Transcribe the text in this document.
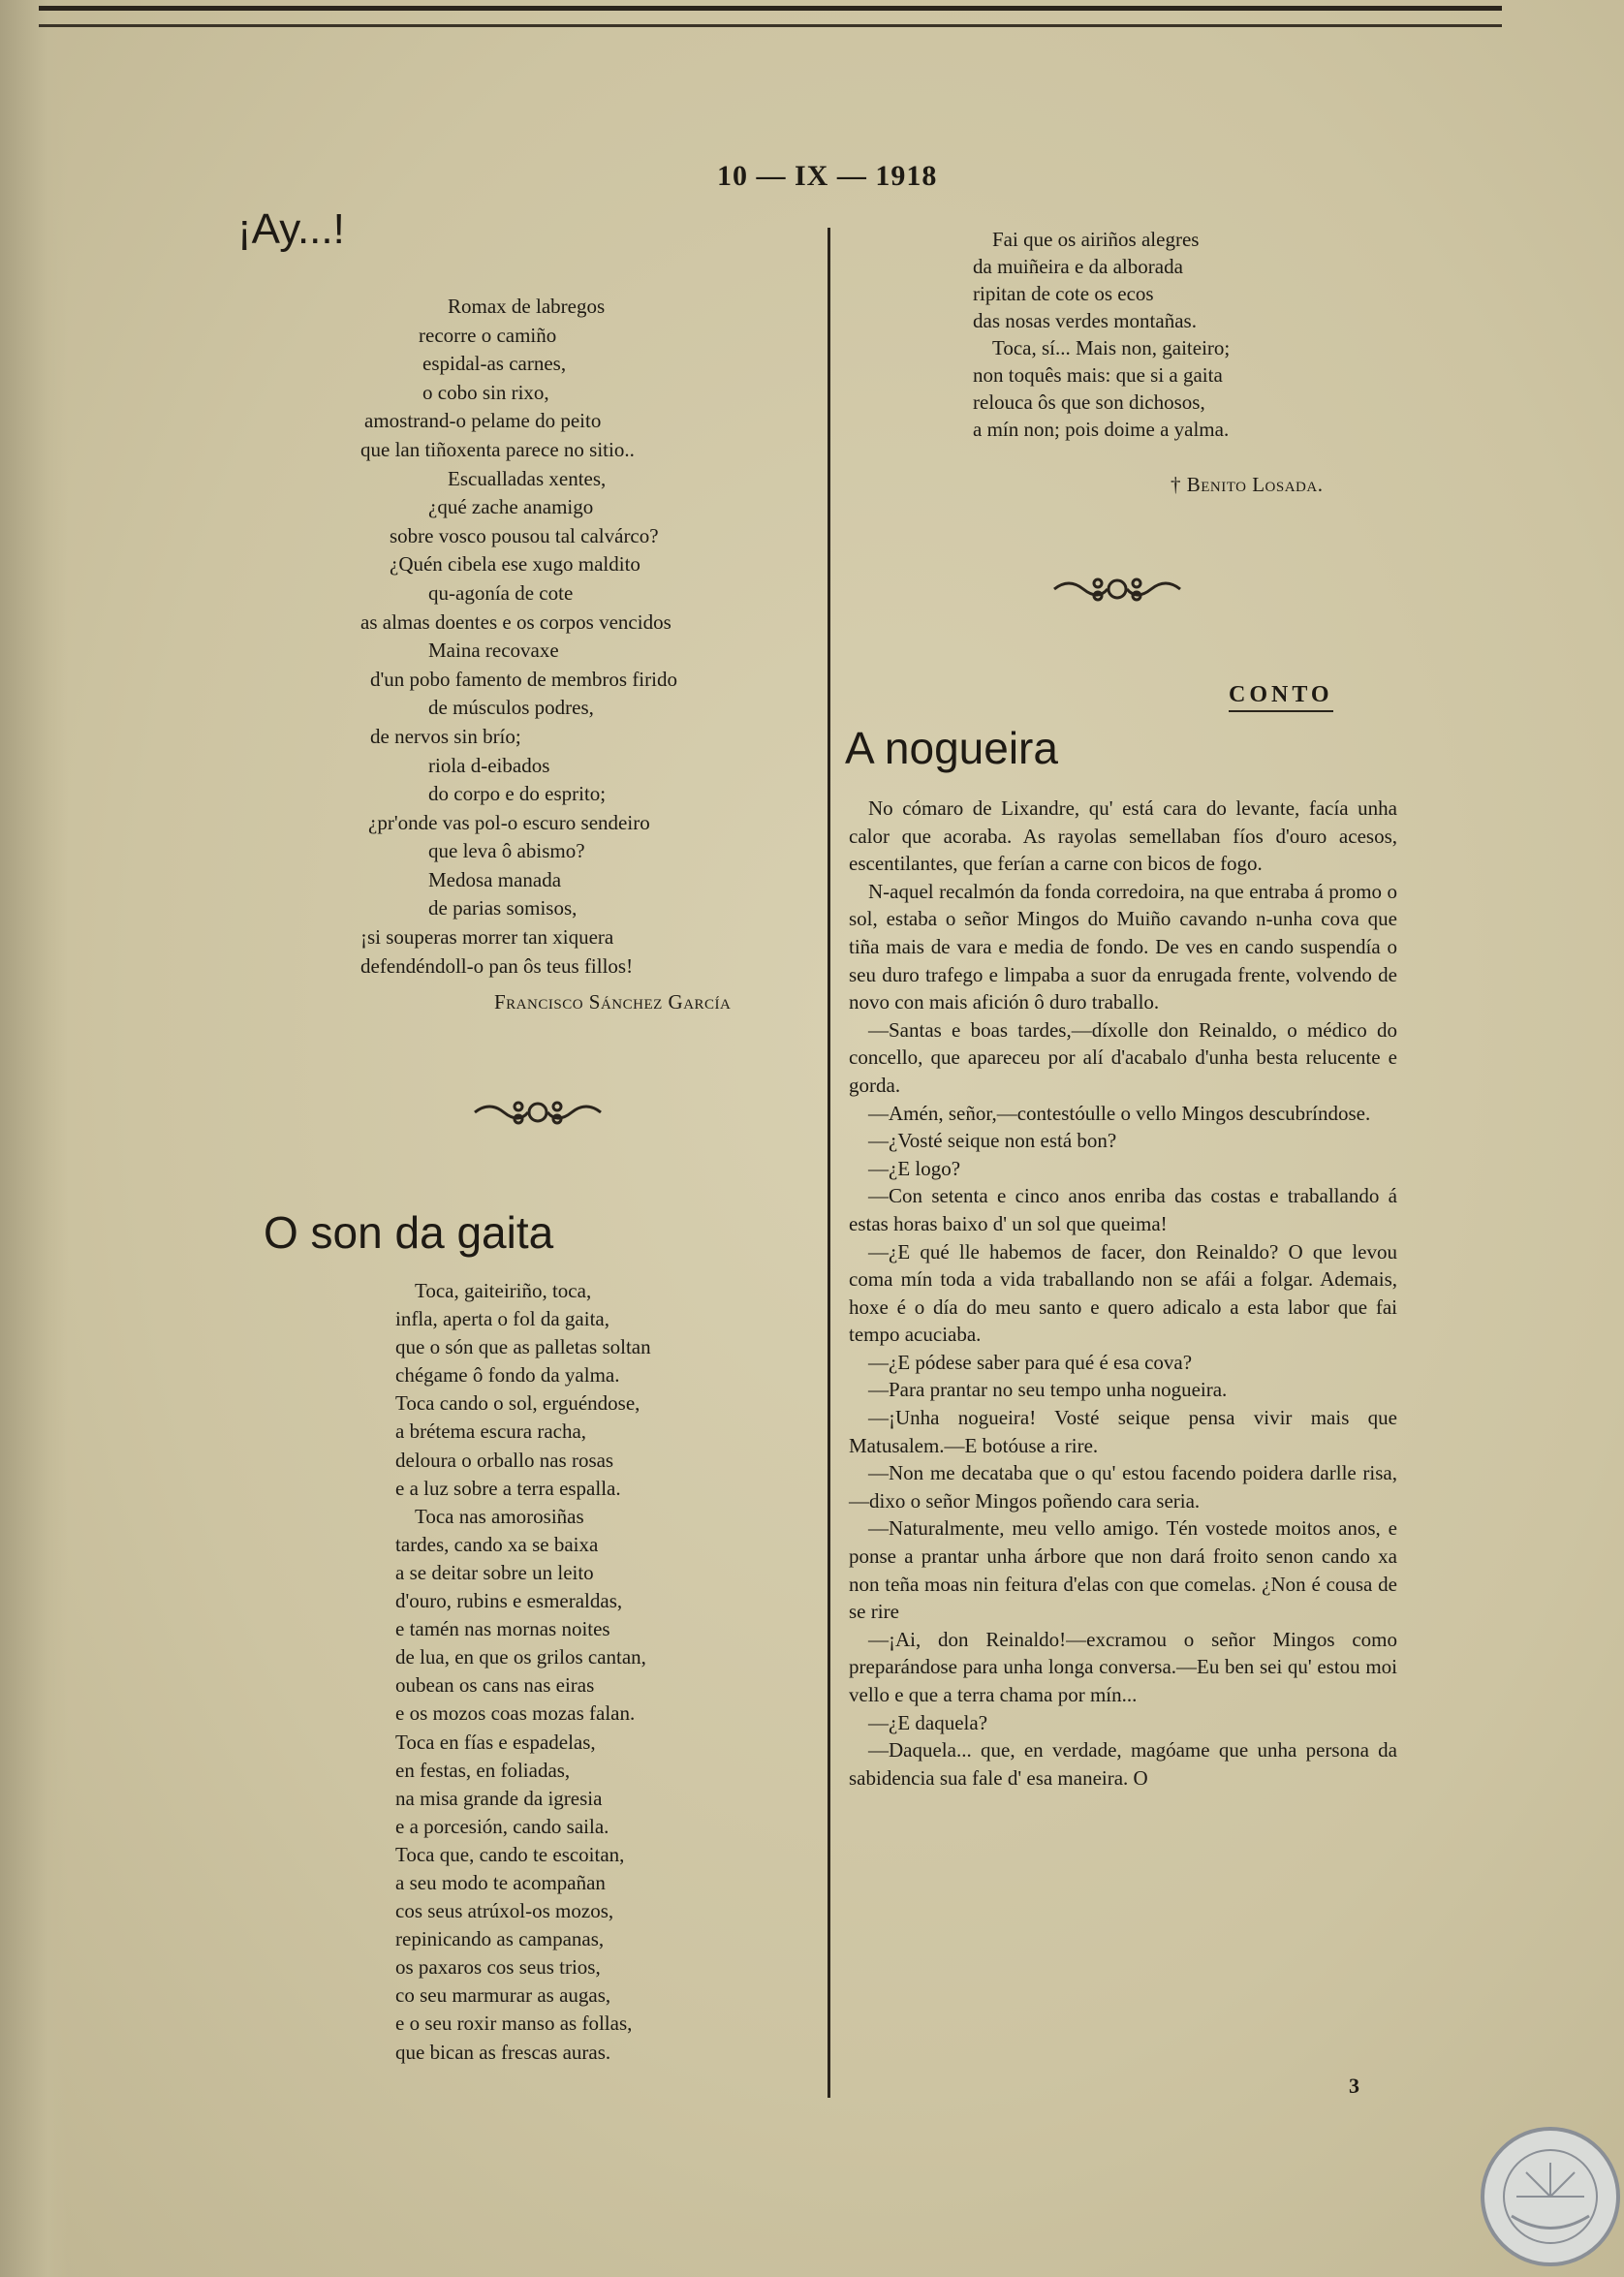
10 — IX — 1918
¡Ay...!
Romax de labregos
recorre o camiño
espidal-as carnes,
o cobo sin rixo,
amostrand-o pelame do peito
que lan tiñoxenta parece no sitio..
Escualladas xentes,
¿qué zache anamigo
sobre vosco pousou tal calvárco?
¿Quén cibela ese xugo maldito
qu-agonía de cote
as almas doentes e os corpos vencidos
Maina recovaxe
d'un pobo famento de membros firido
de músculos podres,
de nervos sin brío;
riola d-eibados
do corpo e do esprito;
¿pr'onde vas pol-o escuro sendeiro
que leva ô abismo?
Medosa manada
de parias somisos,
¡si souperas morrer tan xiquera
defendéndoll-o pan ôs teus fillos!
Francisco Sánchez García
O son da gaita
Toca, gaiteiriño, toca,
infla, aperta o fol da gaita,
que o són que as palletas soltan
chégame ô fondo da yalma.
Toca cando o sol, erguéndose,
a brétema escura racha,
deloura o orballo nas rosas
e a luz sobre a terra espalla.
Toca nas amorosiñas
tardes, cando xa se baixa
a se deitar sobre un leito
d'ouro, rubins e esmeraldas,
e tamén nas mornas noites
de lua, en que os grilos cantan,
oubean os cans nas eiras
e os mozos coas mozas falan.
Toca en fías e espadelas,
en festas, en foliadas,
na misa grande da igresia
e a porcesión, cando saila.
Toca que, cando te escoitan,
a seu modo te acompañan
cos seus atrúxol-os mozos,
repinicando as campanas,
os paxaros cos seus trios,
co seu marmurar as augas,
e o seu roxir manso as follas,
que bican as frescas auras.
Fai que os airiños alegres
da muiñeira e da alborada
ripitan de cote os ecos
das nosas verdes montañas.
Toca, sí... Mais non, gaiteiro;
non toquês mais: que si a gaita
relouca ôs que son dichosos,
a mín non; pois doime a yalma.
† Benito Losada.
CONTO
A nogueira

No cómaro de Lixandre, qu' está cara do levante, facía unha calor que acoraba. As rayolas semellaban fíos d'ouro acesos, escentilantes, que ferían a carne con bicos de fogo.

N-aquel recalmón da fonda corredoira, na que entraba á promo o sol, estaba o señor Mingos do Muiño cavando n-unha cova que tiña mais de vara e media de fondo. De ves en cando suspendía o seu duro trafego e limpaba a suor da enrugada frente, volvendo de novo con mais afición ô duro traballo.

—Santas e boas tardes,—díxolle don Reinaldo, o médico do concello, que apareceu por alí d'acabalo d'unha besta relucente e gorda.

—Amén, señor,—contestóulle o vello Mingos descubríndose.

—¿Vosté seique non está bon?

—¿E logo?

—Con setenta e cinco anos enriba das costas e traballando á estas horas baixo d' un sol que queima!

—¿E qué lle habemos de facer, don Reinaldo? O que levou coma mín toda a vida traballando non se afái a folgar. Ademais, hoxe é o día do meu santo e quero adicalo a esta labor que fai tempo acuciaba.

—¿E pódese saber para qué é esa cova?

—Para prantar no seu tempo unha nogueira.

—¡Unha nogueira! Vosté seique pensa vivir mais que Matusalem.—E botóuse a rire.

—Non me decataba que o qu' estou facendo poidera darlle risa,—dixo o señor Mingos poñendo cara seria.

—Naturalmente, meu vello amigo. Tén vostede moitos anos, e ponse a prantar unha árbore que non dará froito senon cando xa non teña moas nin feitura d'elas con que comelas. ¿Non é cousa de se rire

—¡Ai, don Reinaldo!—excramou o señor Mingos como preparándose para unha longa conversa.—Eu ben sei qu' estou moi vello e que a terra chama por mín...

—¿E daquela?

—Daquela... que, en verdade, magóame que unha persona da sabidencia sua fale d' esa maneira. O

3
